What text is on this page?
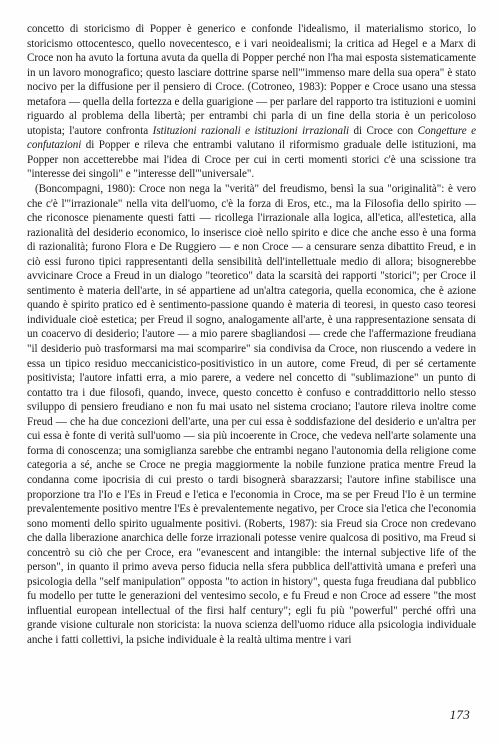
concetto di storicismo di Popper è generico e confonde l'idealismo, il materialismo storico, lo storicismo ottocentesco, quello novecentesco, e i vari neoidealismi; la critica ad Hegel e a Marx di Croce non ha avuto la fortuna avuta da quella di Popper perché non l'ha mai esposta sistematicamente in un lavoro monografico; questo lasciare dottrine sparse nell'"immenso mare della sua opera" è stato nocivo per la diffusione per il pensiero di Croce. (Cotroneo, 1983): Popper e Croce usano una stessa metafora — quella della fortezza e della guarigione — per parlare del rapporto tra istituzioni e uomini riguardo al problema della libertà; per entrambi chi parla di un fine della storia è un pericoloso utopista; l'autore confronta Istituzioni razionali e istituzioni irrazionali di Croce con Congetture e confutazioni di Popper e rileva che entrambi valutano il riformismo graduale delle istituzioni, ma Popper non accetterebbe mai l'idea di Croce per cui in certi momenti storici c'è una scissione tra "interesse dei singoli" e "interesse dell'"universale".

(Boncompagni, 1980): Croce non nega la "verità" del freudismo, bensì la sua "originalità": è vero che c'è l'"irrazionale" nella vita dell'uomo, c'è la forza di Eros, etc., ma la Filosofia dello spirito — che riconosce pienamente questi fatti — ricollega l'irrazionale alla logica, all'etica, all'estetica, alla razionalità del desiderio economico, lo inserisce cioè nello spirito e dice che anche esso è una forma di razionalità; furono Flora e De Ruggiero — e non Croce — a censurare senza dibattito Freud, e in ciò essi furono tipici rappresentanti della sensibilità dell'intellettuale medio di allora; bisognerebbe avvicinare Croce a Freud in un dialogo "teoretico" data la scarsità dei rapporti "storici"; per Croce il sentimento è materia dell'arte, in sé appartiene ad un'altra categoria, quella economica, che è azione quando è spirito pratico ed è sentimento-passione quando è materia di teoresi, in questo caso teoresi individuale cioè estetica; per Freud il sogno, analogamente all'arte, è una rappresentazione sensata di un coacervo di desiderio; l'autore — a mio parere sbagliandosi — crede che l'affermazione freudiana "il desiderio può trasformarsi ma mai scomparire" sia condivisa da Croce, non riuscendo a vedere in essa un tipico residuo meccanicistico-positivistico in un autore, come Freud, di per sé certamente positivista; l'autore infatti erra, a mio parere, a vedere nel concetto di "sublimazione" un punto di contatto tra i due filosofi, quando, invece, questo concetto è confuso e contraddittorio nello stesso sviluppo di pensiero freudiano e non fu mai usato nel sistema crociano; l'autore rileva inoltre come Freud — che ha due concezioni dell'arte, una per cui essa è soddisfazione del desiderio e un'altra per cui essa è fonte di verità sull'uomo — sia più incoerente in Croce, che vedeva nell'arte solamente una forma di conoscenza; una somiglianza sarebbe che entrambi negano l'autonomia della religione come categoria a sé, anche se Croce ne pregia maggiormente la nobile funzione pratica mentre Freud la condanna come ipocrisia di cui presto o tardi bisognerà sbarazzarsi; l'autore infine stabilisce una proporzione tra l'Io e l'Es in Freud e l'etica e l'economia in Croce, ma se per Freud l'Io è un termine prevalentemente positivo mentre l'Es è prevalentemente negativo, per Croce sia l'etica che l'economia sono momenti dello spirito ugualmente positivi. (Roberts, 1987): sia Freud sia Croce non credevano che dalla liberazione anarchica delle forze irrazionali potesse venire qualcosa di positivo, ma Freud si concentrò su ciò che per Croce, era "evanescent and intangible: the internal subjective life of the person", in quanto il primo aveva perso fiducia nella sfera pubblica dell'attività umana e preferì una psicologia della "self manipulation" opposta "to action in history", questa fuga freudiana dal pubblico fu modello per tutte le generazioni del ventesimo secolo, e fu Freud e non Croce ad essere "the most influential european intellectual of the firsi half century"; egli fu più "powerful" perché offrì una grande visione culturale non storicista: la nuova scienza dell'uomo riduce alla psicologia individuale anche i fatti collettivi, la psiche individuale è la realtà ultima mentre i vari

173
